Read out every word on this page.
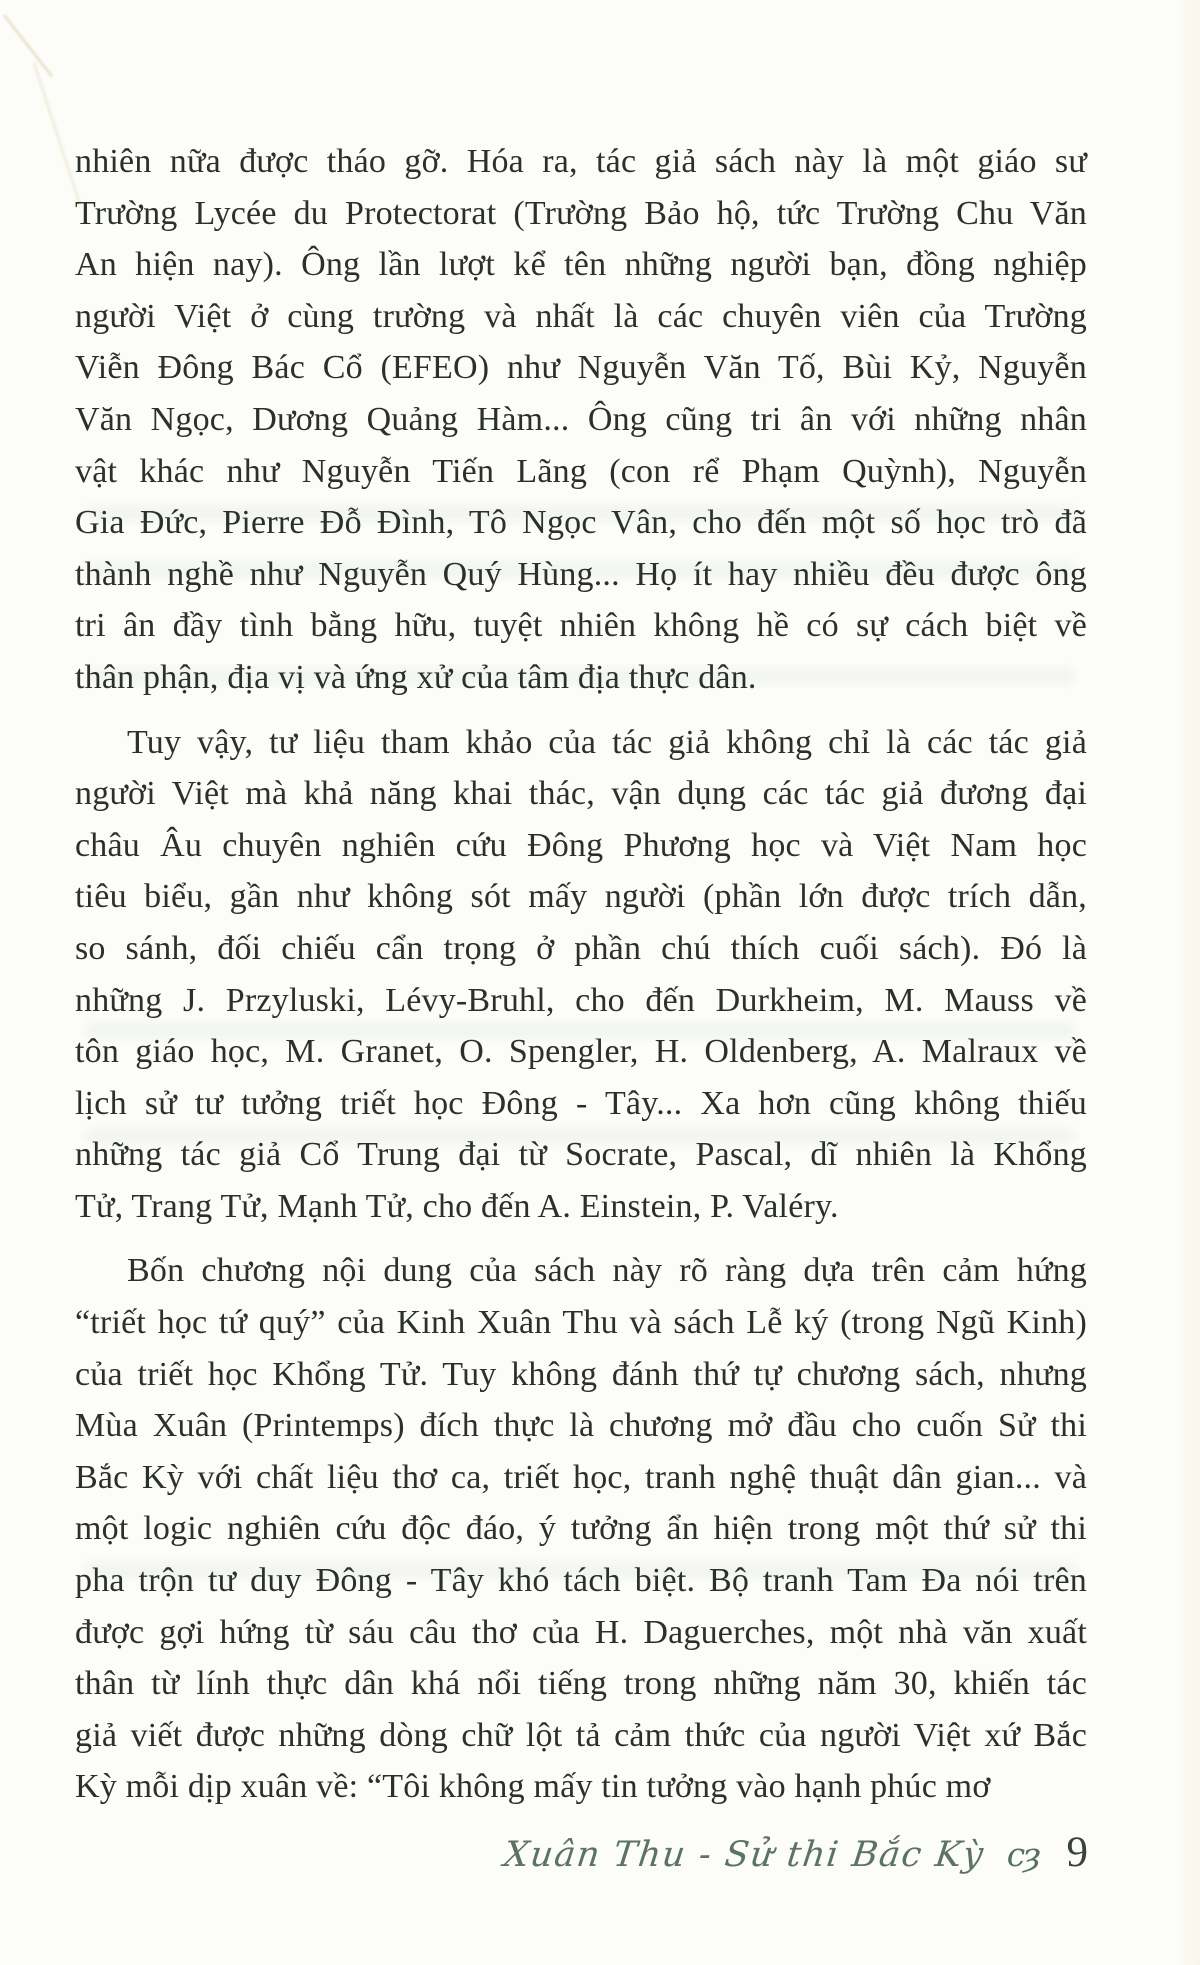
nhiên nữa được tháo gỡ. Hóa ra, tác giả sách này là một giáo sư
Trường Lycée du Protectorat (Trường Bảo hộ, tức Trường Chu Văn
An hiện nay). Ông lần lượt kể tên những người bạn, đồng nghiệp
người Việt ở cùng trường và nhất là các chuyên viên của Trường
Viễn Đông Bác Cổ (EFEO) như Nguyễn Văn Tố, Bùi Kỷ, Nguyễn
Văn Ngọc, Dương Quảng Hàm... Ông cũng tri ân với những nhân
vật khác như Nguyễn Tiến Lãng (con rể Phạm Quỳnh), Nguyễn
Gia Đức, Pierre Đỗ Đình, Tô Ngọc Vân, cho đến một số học trò đã
thành nghề như Nguyễn Quý Hùng... Họ ít hay nhiều đều được ông
tri ân đầy tình bằng hữu, tuyệt nhiên không hề có sự cách biệt về
thân phận, địa vị và ứng xử của tâm địa thực dân.
Tuy vậy, tư liệu tham khảo của tác giả không chỉ là các tác giả
người Việt mà khả năng khai thác, vận dụng các tác giả đương đại
châu Âu chuyên nghiên cứu Đông Phương học và Việt Nam học
tiêu biểu, gần như không sót mấy người (phần lớn được trích dẫn,
so sánh, đối chiếu cẩn trọng ở phần chú thích cuối sách). Đó là
những J. Przyluski, Lévy-Bruhl, cho đến Durkheim, M. Mauss về
tôn giáo học, M. Granet, O. Spengler, H. Oldenberg, A. Malraux về
lịch sử tư tưởng triết học Đông - Tây... Xa hơn cũng không thiếu
những tác giả Cổ Trung đại từ Socrate, Pascal, dĩ nhiên là Khổng
Tử, Trang Tử, Mạnh Tử, cho đến A. Einstein, P. Valéry.
Bốn chương nội dung của sách này rõ ràng dựa trên cảm hứng
“triết học tứ quý” của Kinh Xuân Thu và sách Lễ ký (trong Ngũ Kinh)
của triết học Khổng Tử. Tuy không đánh thứ tự chương sách, nhưng
Mùa Xuân (Printemps) đích thực là chương mở đầu cho cuốn Sử thi
Bắc Kỳ với chất liệu thơ ca, triết học, tranh nghệ thuật dân gian... và
một logic nghiên cứu độc đáo, ý tưởng ẩn hiện trong một thứ sử thi
pha trộn tư duy Đông - Tây khó tách biệt. Bộ tranh Tam Đa nói trên
được gợi hứng từ sáu câu thơ của H. Daguerches, một nhà văn xuất
thân từ lính thực dân khá nổi tiếng trong những năm 30, khiến tác
giả viết được những dòng chữ lột tả cảm thức của người Việt xứ Bắc
Kỳ mỗi dịp xuân về: “Tôi không mấy tin tưởng vào hạnh phúc mơ
Xuân Thu - Sử thi Bắc Kỳ cȝ 9
